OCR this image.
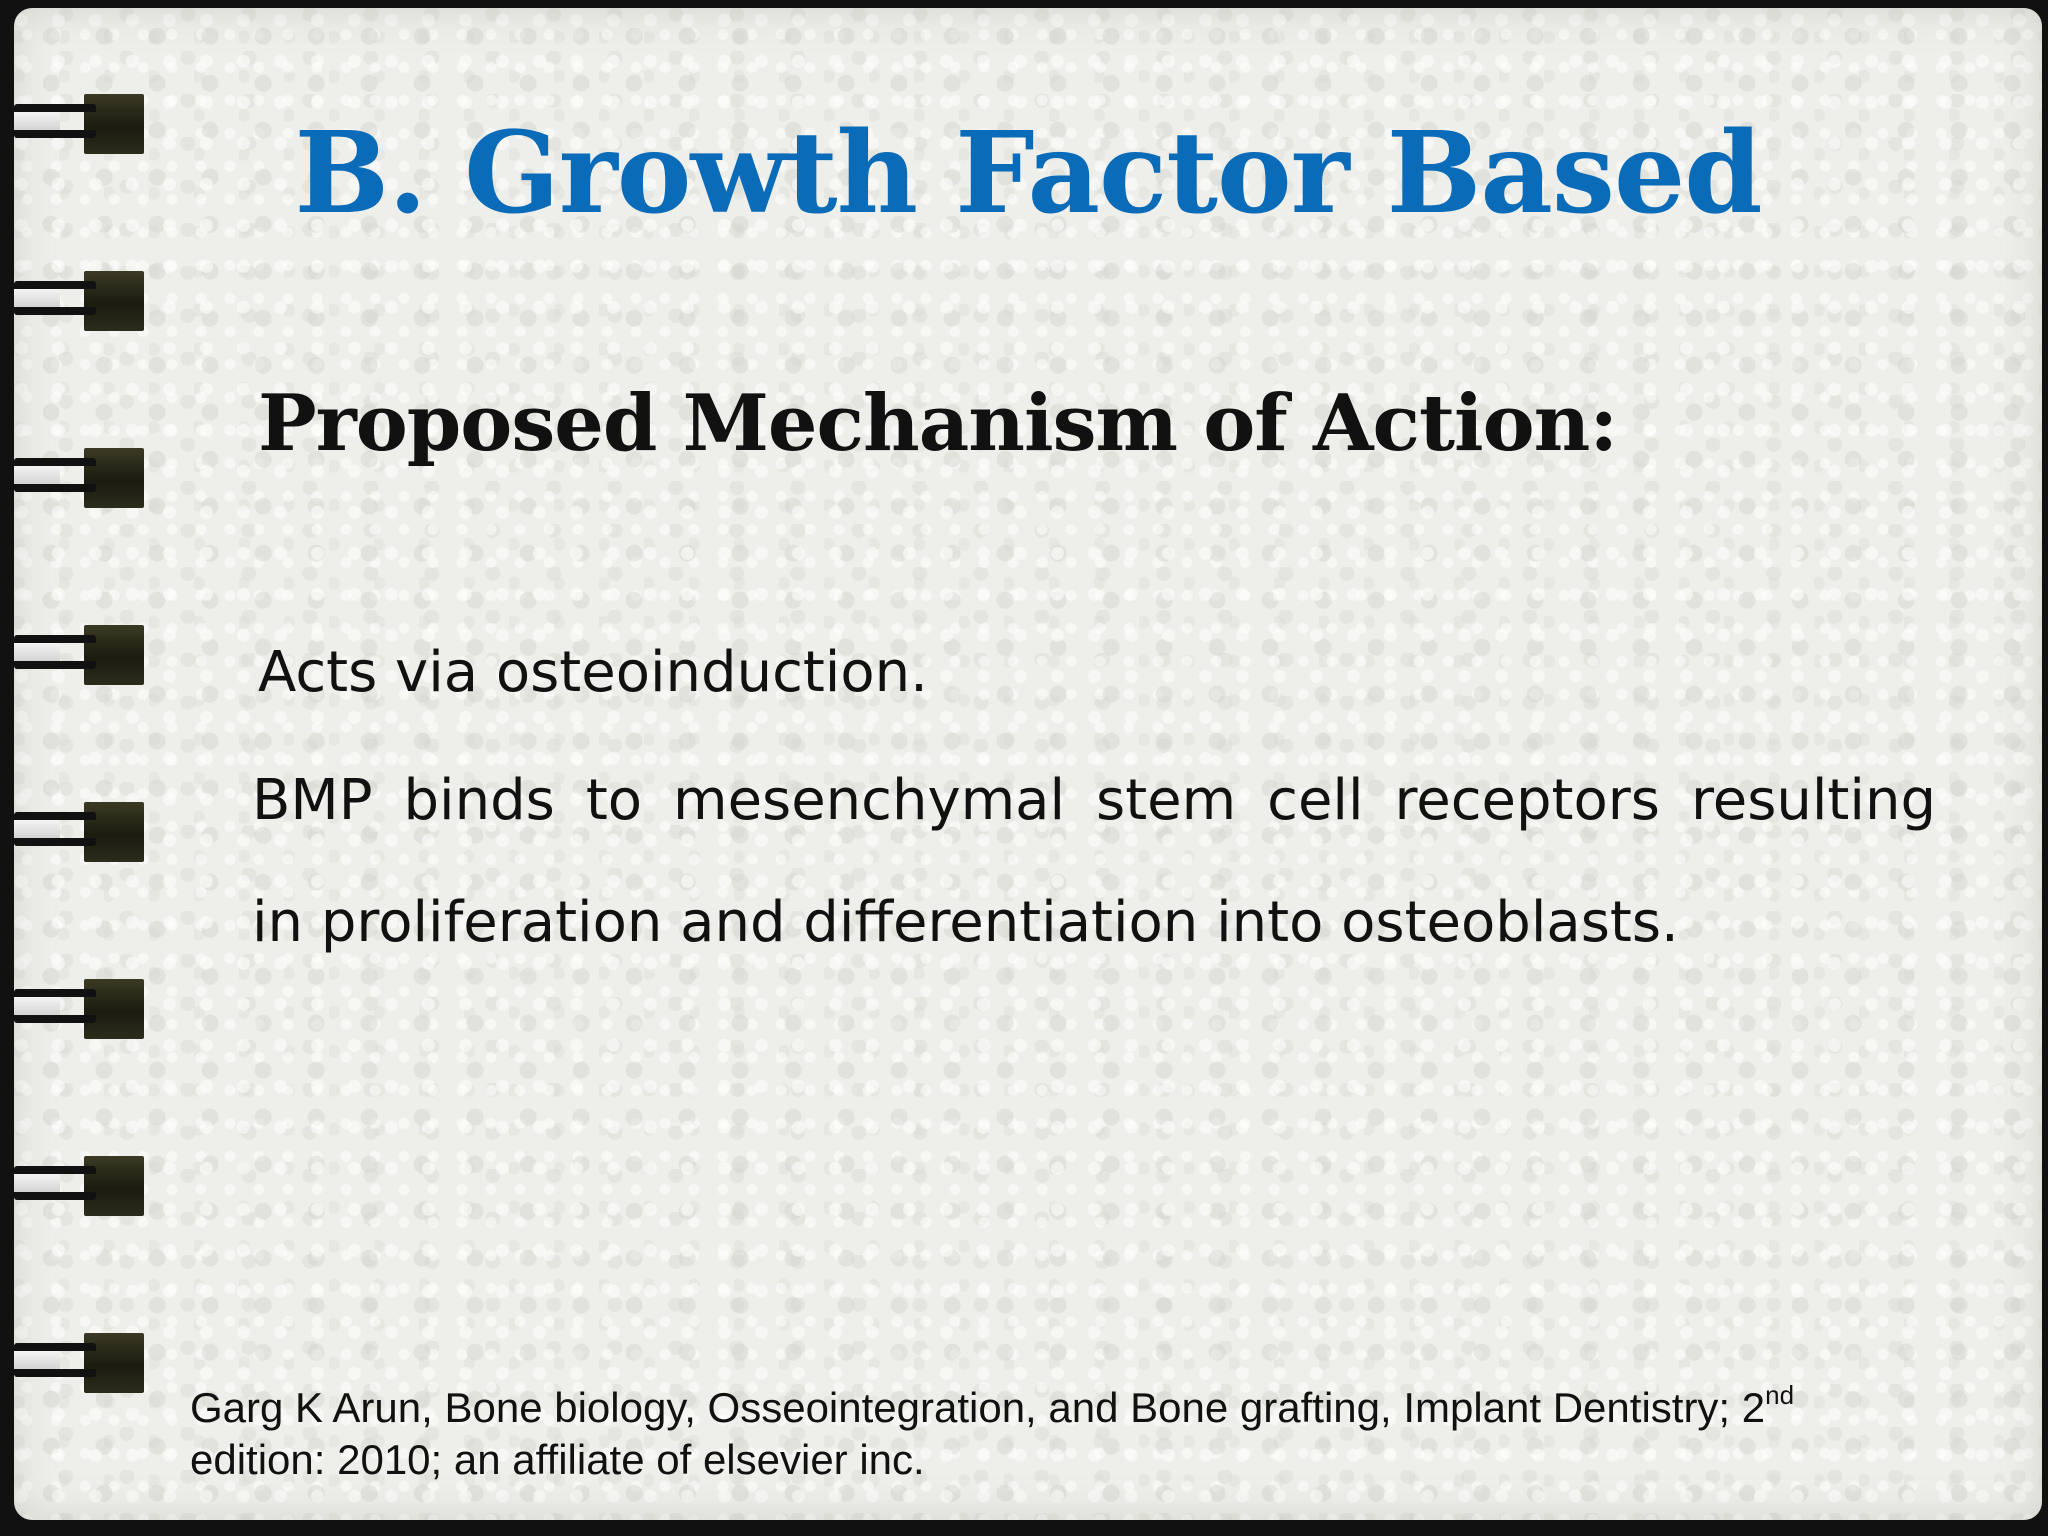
B. Growth Factor Based
Proposed Mechanism of Action:

Acts via osteoinduction.

BMP binds to mesenchymal stem cell receptors resulting

in proliferation and differentiation into osteoblasts.

Garg K Arun, Bone biology, Osseointegration, and Bone grafting, Implant Dentistry; 2nd
edition: 2010; an affiliate of elsevier inc.
